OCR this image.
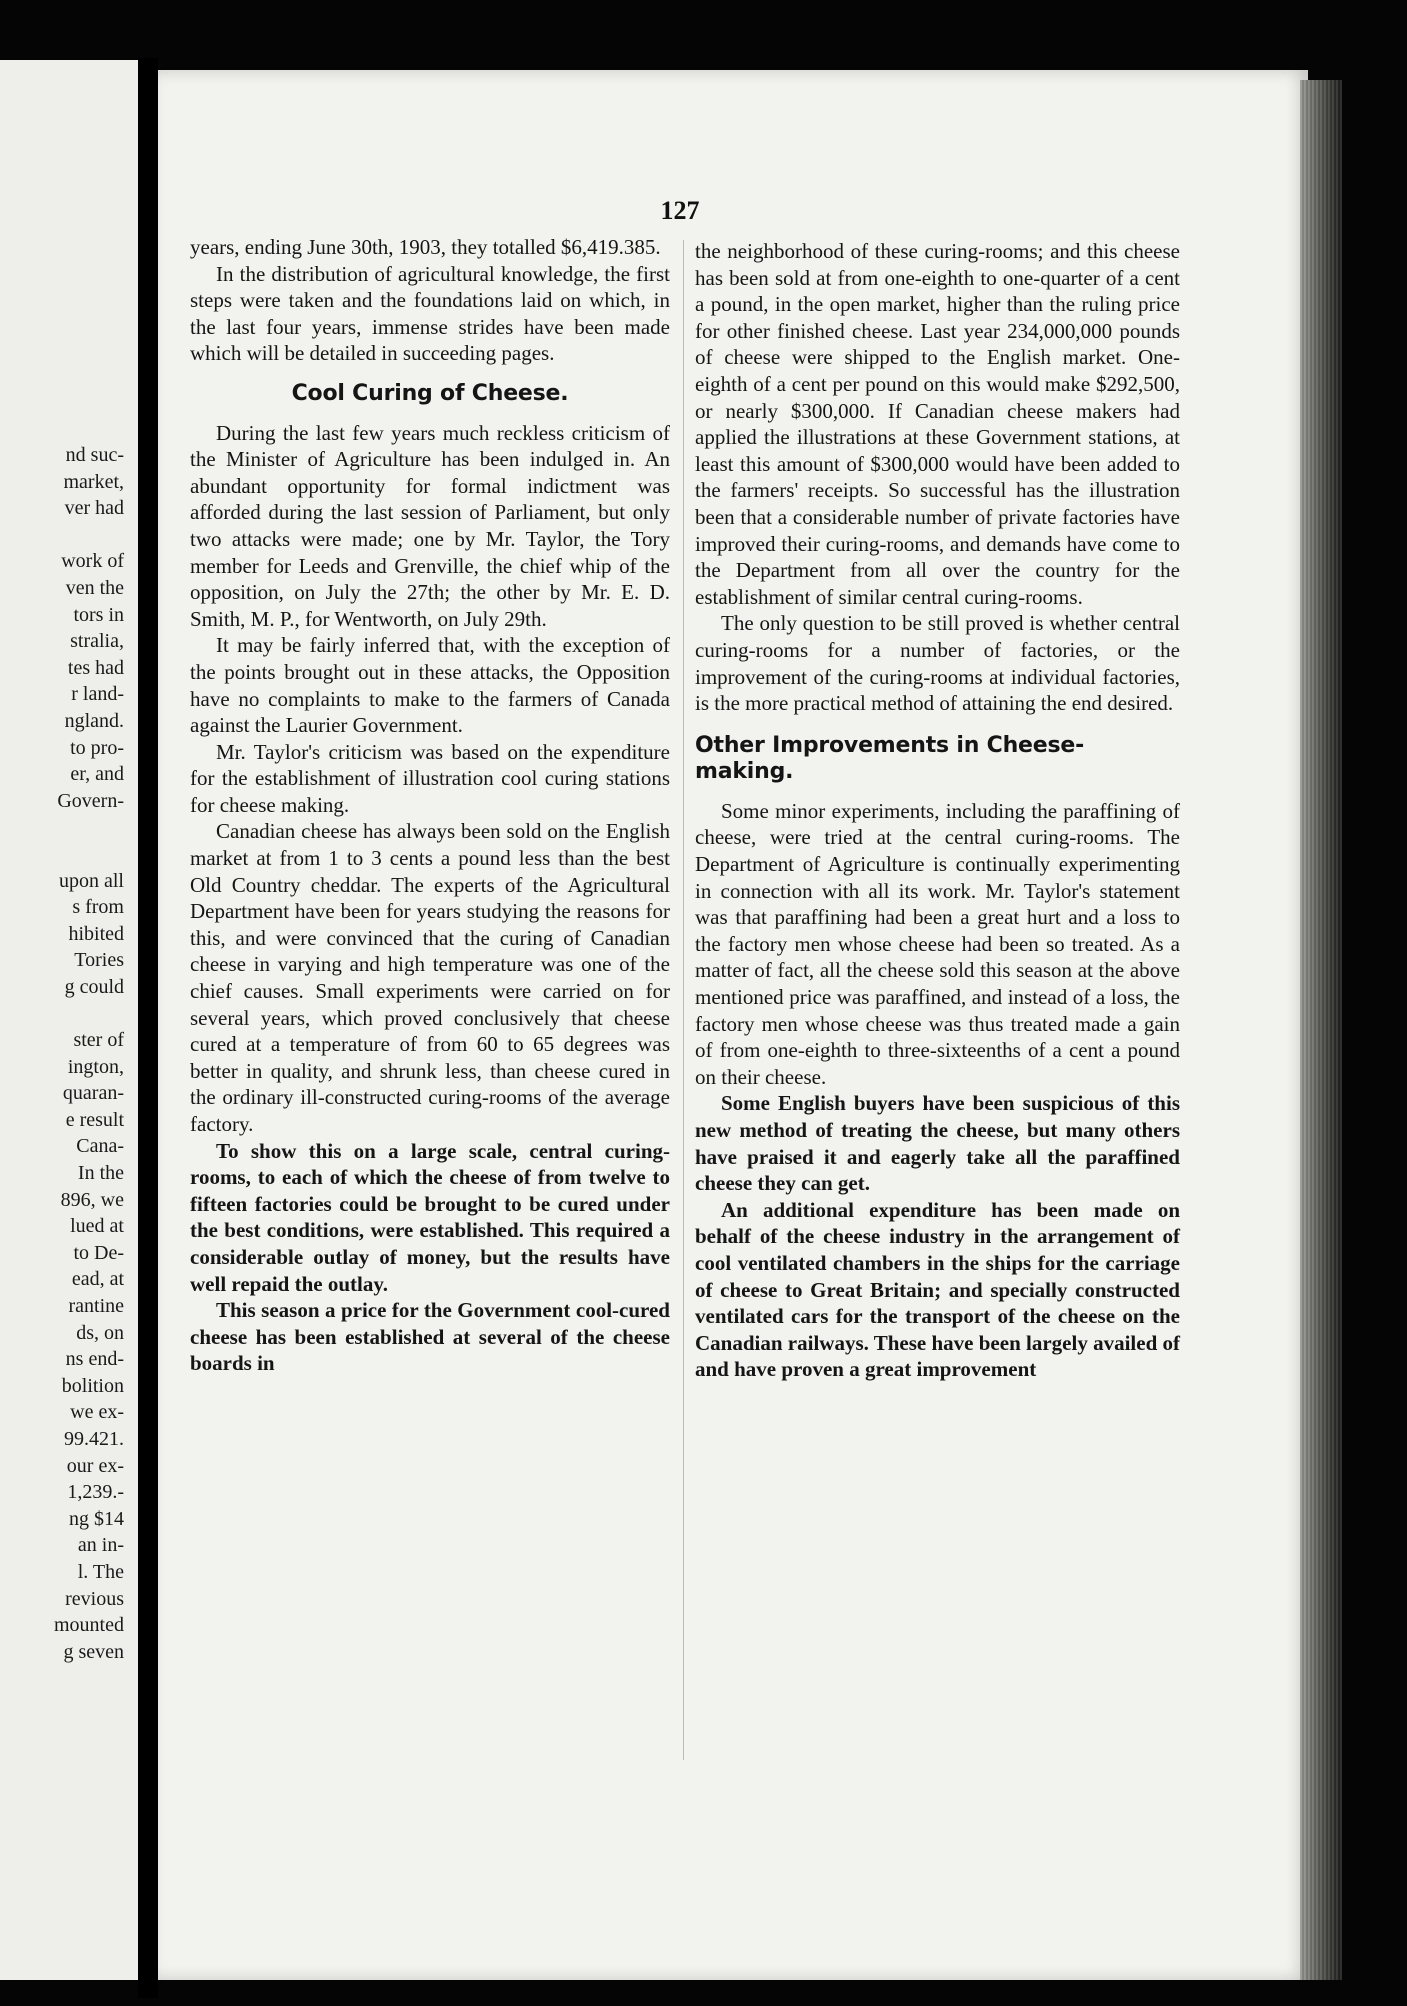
nd suc-
market,
ver had
work of
ven the
tors in
stralia,
tes had
r land-
ngland.
to pro-
er, and
Govern-
upon all
s from
hibited
Tories
g could
ster of
ington,
quaran-
e result
Cana-
In the
896, we
lued at
to De-
ead, at
rantine
ds, on
ns end-
bolition
we ex-
99.421.
our ex-
1,239.-
ng $14
an in-
l. The
revious
mounted
g seven
127

years, ending June 30th, 1903, they totalled $6,419.385.

In the distribution of agricultural knowledge, the first steps were taken and the foundations laid on which, in the last four years, immense strides have been made which will be detailed in succeeding pages.

Cool Curing of Cheese.

During the last few years much reckless criticism of the Minister of Agriculture has been indulged in. An abundant opportunity for formal indictment was afforded during the last session of Parliament, but only two attacks were made; one by Mr. Taylor, the Tory member for Leeds and Grenville, the chief whip of the opposition, on July the 27th; the other by Mr. E. D. Smith, M. P., for Wentworth, on July 29th.

It may be fairly inferred that, with the exception of the points brought out in these attacks, the Opposition have no complaints to make to the farmers of Canada against the Laurier Government.

Mr. Taylor's criticism was based on the expenditure for the establishment of illustration cool curing stations for cheese making.

Canadian cheese has always been sold on the English market at from 1 to 3 cents a pound less than the best Old Country cheddar. The experts of the Agricultural Department have been for years studying the reasons for this, and were convinced that the curing of Canadian cheese in varying and high temperature was one of the chief causes. Small experiments were carried on for several years, which proved conclusively that cheese cured at a temperature of from 60 to 65 degrees was better in quality, and shrunk less, than cheese cured in the ordinary ill-constructed curing-rooms of the average factory.

To show this on a large scale, central curing-rooms, to each of which the cheese of from twelve to fifteen factories could be brought to be cured under the best conditions, were established. This required a considerable outlay of money, but the results have well repaid the outlay.

This season a price for the Government cool-cured cheese has been established at several of the cheese boards in

the neighborhood of these curing-rooms; and this cheese has been sold at from one-eighth to one-quarter of a cent a pound, in the open market, higher than the ruling price for other finished cheese. Last year 234,000,000 pounds of cheese were shipped to the English market. One-eighth of a cent per pound on this would make $292,500, or nearly $300,000. If Canadian cheese makers had applied the illustrations at these Government stations, at least this amount of $300,000 would have been added to the farmers' receipts. So successful has the illustration been that a considerable number of private factories have improved their curing-rooms, and demands have come to the Department from all over the country for the establishment of similar central curing-rooms.

The only question to be still proved is whether central curing-rooms for a number of factories, or the improvement of the curing-rooms at individual factories, is the more practical method of attaining the end desired.

Other Improvements in Cheese-making.

Some minor experiments, including the paraffining of cheese, were tried at the central curing-rooms. The Department of Agriculture is continually experimenting in connection with all its work. Mr. Taylor's statement was that paraffining had been a great hurt and a loss to the factory men whose cheese had been so treated. As a matter of fact, all the cheese sold this season at the above mentioned price was paraffined, and instead of a loss, the factory men whose cheese was thus treated made a gain of from one-eighth to three-sixteenths of a cent a pound on their cheese.

Some English buyers have been suspicious of this new method of treating the cheese, but many others have praised it and eagerly take all the paraffined cheese they can get.

An additional expenditure has been made on behalf of the cheese industry in the arrangement of cool ventilated chambers in the ships for the carriage of cheese to Great Britain; and specially constructed ventilated cars for the transport of the cheese on the Canadian railways. These have been largely availed of and have proven a great improvement
